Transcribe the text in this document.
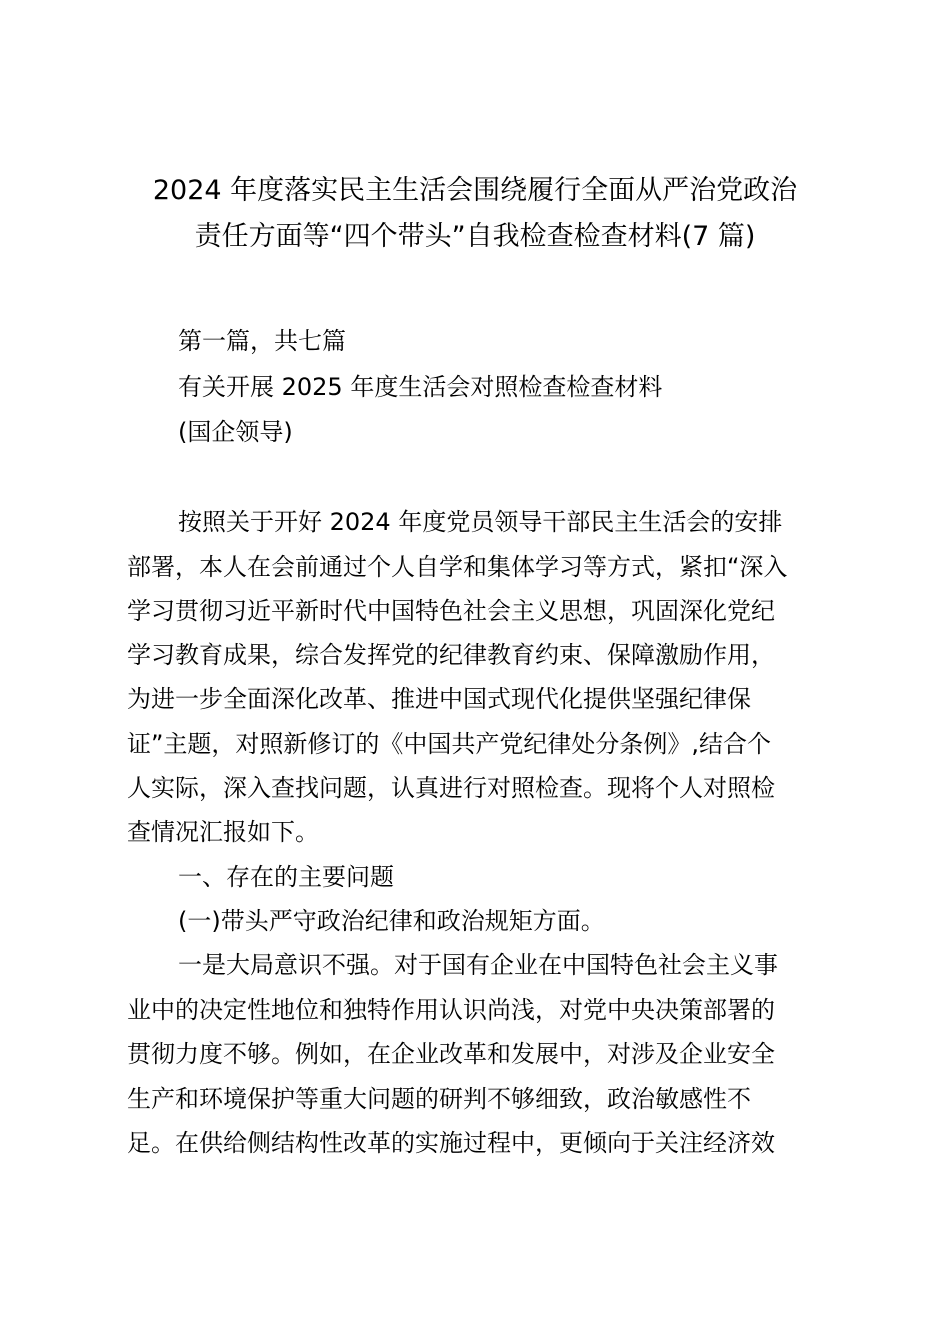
2024 年度落实民主生活会围绕履行全面从严治党政治
责任方面等“四个带头”自我检查检查材料(7 篇)
第一篇，共七篇
有关开展 2025 年度生活会对照检查检查材料
(国企领导)
按照关于开好 2024 年度党员领导干部民主生活会的安排
部署，本人在会前通过个人自学和集体学习等方式，紧扣“深入
学习贯彻习近平新时代中国特色社会主义思想，巩固深化党纪
学习教育成果，综合发挥党的纪律教育约束、保障激励作用，
为进一步全面深化改革、推进中国式现代化提供坚强纪律保
证”主题，对照新修订的《中国共产党纪律处分条例》,结合个
人实际，深入查找问题，认真进行对照检查。现将个人对照检
查情况汇报如下。
一、存在的主要问题
(一)带头严守政治纪律和政治规矩方面。
一是大局意识不强。对于国有企业在中国特色社会主义事
业中的决定性地位和独特作用认识尚浅，对党中央决策部署的
贯彻力度不够。例如，在企业改革和发展中，对涉及企业安全
生产和环境保护等重大问题的研判不够细致，政治敏感性不
足。在供给侧结构性改革的实施过程中，更倾向于关注经济效
